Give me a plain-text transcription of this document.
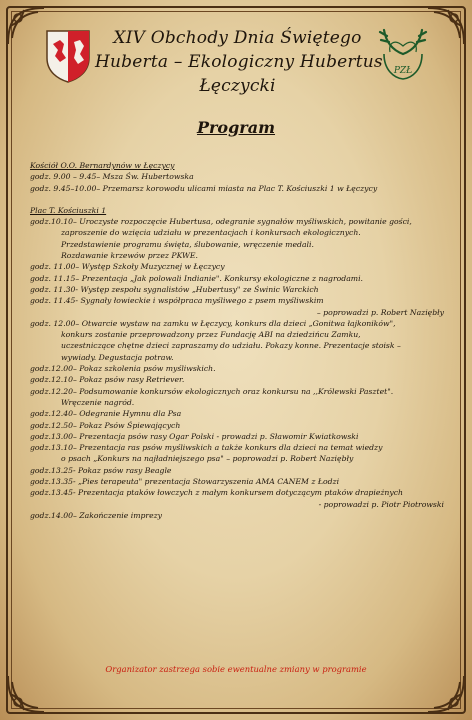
XIV Obchody Dnia Świętego
Huberta – Ekologiczny Hubertus
Łęczycki
PZŁ
Program
Kościół O.O. Bernardynów w Łęczycy
godz. 9.00 – 9.45 – Msza Św. Hubertowska
godz. 9.45–10.00 – Przemarsz korowodu ulicami miasta na Plac T. Kościuszki 1 w Łęczycy
Plac T. Kościuszki 1
godz.10.10 – Uroczyste rozpoczęcie Hubertusa, odegranie sygnałów myśliwskich, powitanie gości,
zaproszenie do wzięcia udziału w prezentacjach i konkursach ekologicznych.
Przedstawienie programu święta, ślubowanie, wręczenie medali.
Rozdawanie krzewów przez PKWE.
godz. 11.00 – Występ Szkoły Muzycznej w Łęczycy
godz. 11.15 – Prezentacja „Jak polowali Indianie". Konkursy ekologiczne z nagrodami.
godz. 11.30 - Występ zespołu sygnalistów „Hubertusy" ze Świnic Warckich
godz. 11.45 - Sygnały łowieckie i współpraca myśliwego z psem myśliwskim
– poprowadzi p. Robert Naziębły
godz. 12.00 – Otwarcie wystaw na zamku w Łęczycy, konkurs dla dzieci „Gonitwa łajkoników",
konkurs zostanie przeprowadzony przez Fundację ABI na dziedzińcu Zamku,
uczestniczące chętne dzieci zapraszamy do udziału. Pokazy konne. Prezentacje stoisk –
wywiady. Degustacja potraw.
godz.12.00 – Pokaz szkolenia psów myśliwskich.
godz.12.10 – Pokaz psów rasy Retriever.
godz.12.20 – Podsumowanie konkursów ekologicznych oraz konkursu na ,,Królewski Pasztet".
Wręczenie nagród.
godz.12.40 – Odegranie Hymnu dla Psa
godz.12.50 – Pokaz Psów Śpiewających
godz.13.00 – Prezentacja psów rasy Ogar Polski - prowadzi p. Sławomir Kwiatkowski
godz.13.10 – Prezentacja ras psów myśliwskich a także konkurs dla dzieci na temat wiedzy
o psach „Konkurs na najładniejszego psa" – poprowadzi p. Robert Naziębły
godz.13.25 - Pokaz psów rasy Beagle
godz.13.35 - „Pies terapeuta" prezentacja Stowarzyszenia AMA CANEM z Łodzi
godz.13.45 - Prezentacja ptaków łowczych z małym konkursem dotyczącym ptaków drapieżnych
- poprowadzi p. Piotr Piotrowski
godz.14.00 – Zakończenie imprezy
Organizator zastrzega sobie ewentualne zmiany w programie
